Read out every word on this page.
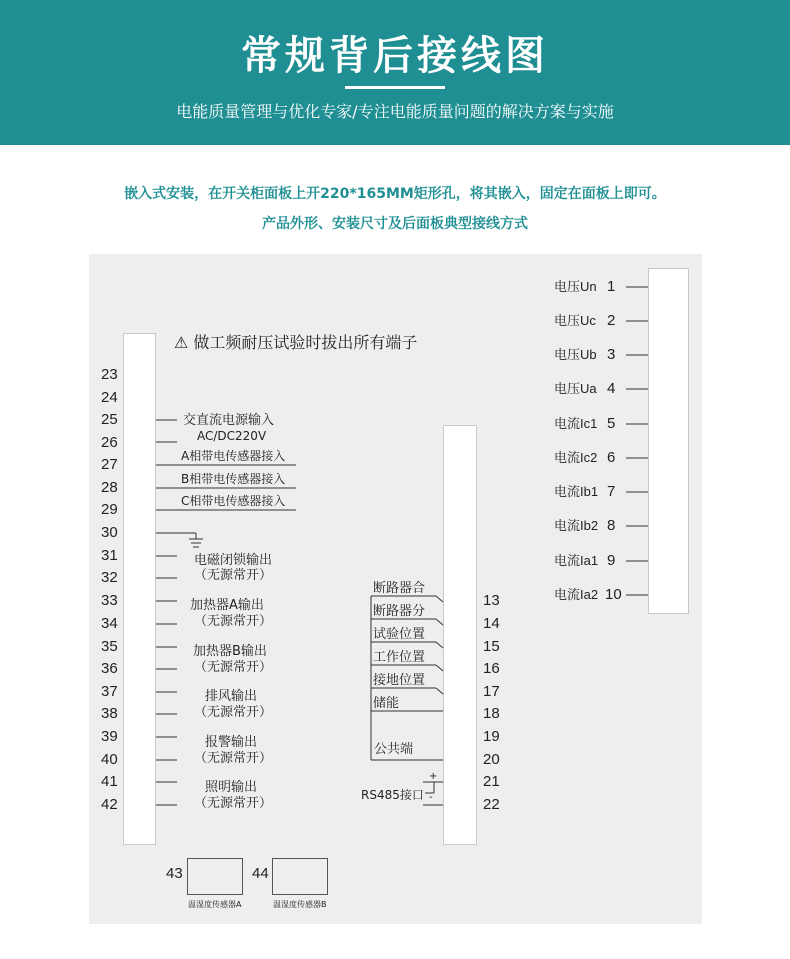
常规背后接线图
电能质量管理与优化专家/专注电能质量问题的解决方案与实施
嵌入式安装，在开关柜面板上开220*165MM矩形孔，将其嵌入，固定在面板上即可。
产品外形、安装尺寸及后面板典型接线方式
⚠ 做工频耐压试验时拔出所有端子
23
24
25
26
27
28
29
30
31
32
33
34
35
36
37
38
39
40
41
42
交直流电源输入
AC/DC220V
A相带电传感器接入
B相带电传感器接入
C相带电传感器接入
电磁闭锁输出
（无源常开）
加热器A输出
（无源常开）
加热器B输出
（无源常开）
排风输出
（无源常开）
报警输出
（无源常开）
照明输出
（无源常开）
断路器合
断路器分
试验位置
工作位置
接地位置
储能
公共端
RS485接口
+
-
13
14
15
16
17
18
19
20
21
22
电压Un 1
电压Uc 2
电压Ub 3
电压Ua 4
电流Ic1 5
电流Ic2 6
电流Ib1 7
电流Ib2 8
电流Ia1 9
电流Ia2 10
43
温湿度传感器A
44
温湿度传感器B
